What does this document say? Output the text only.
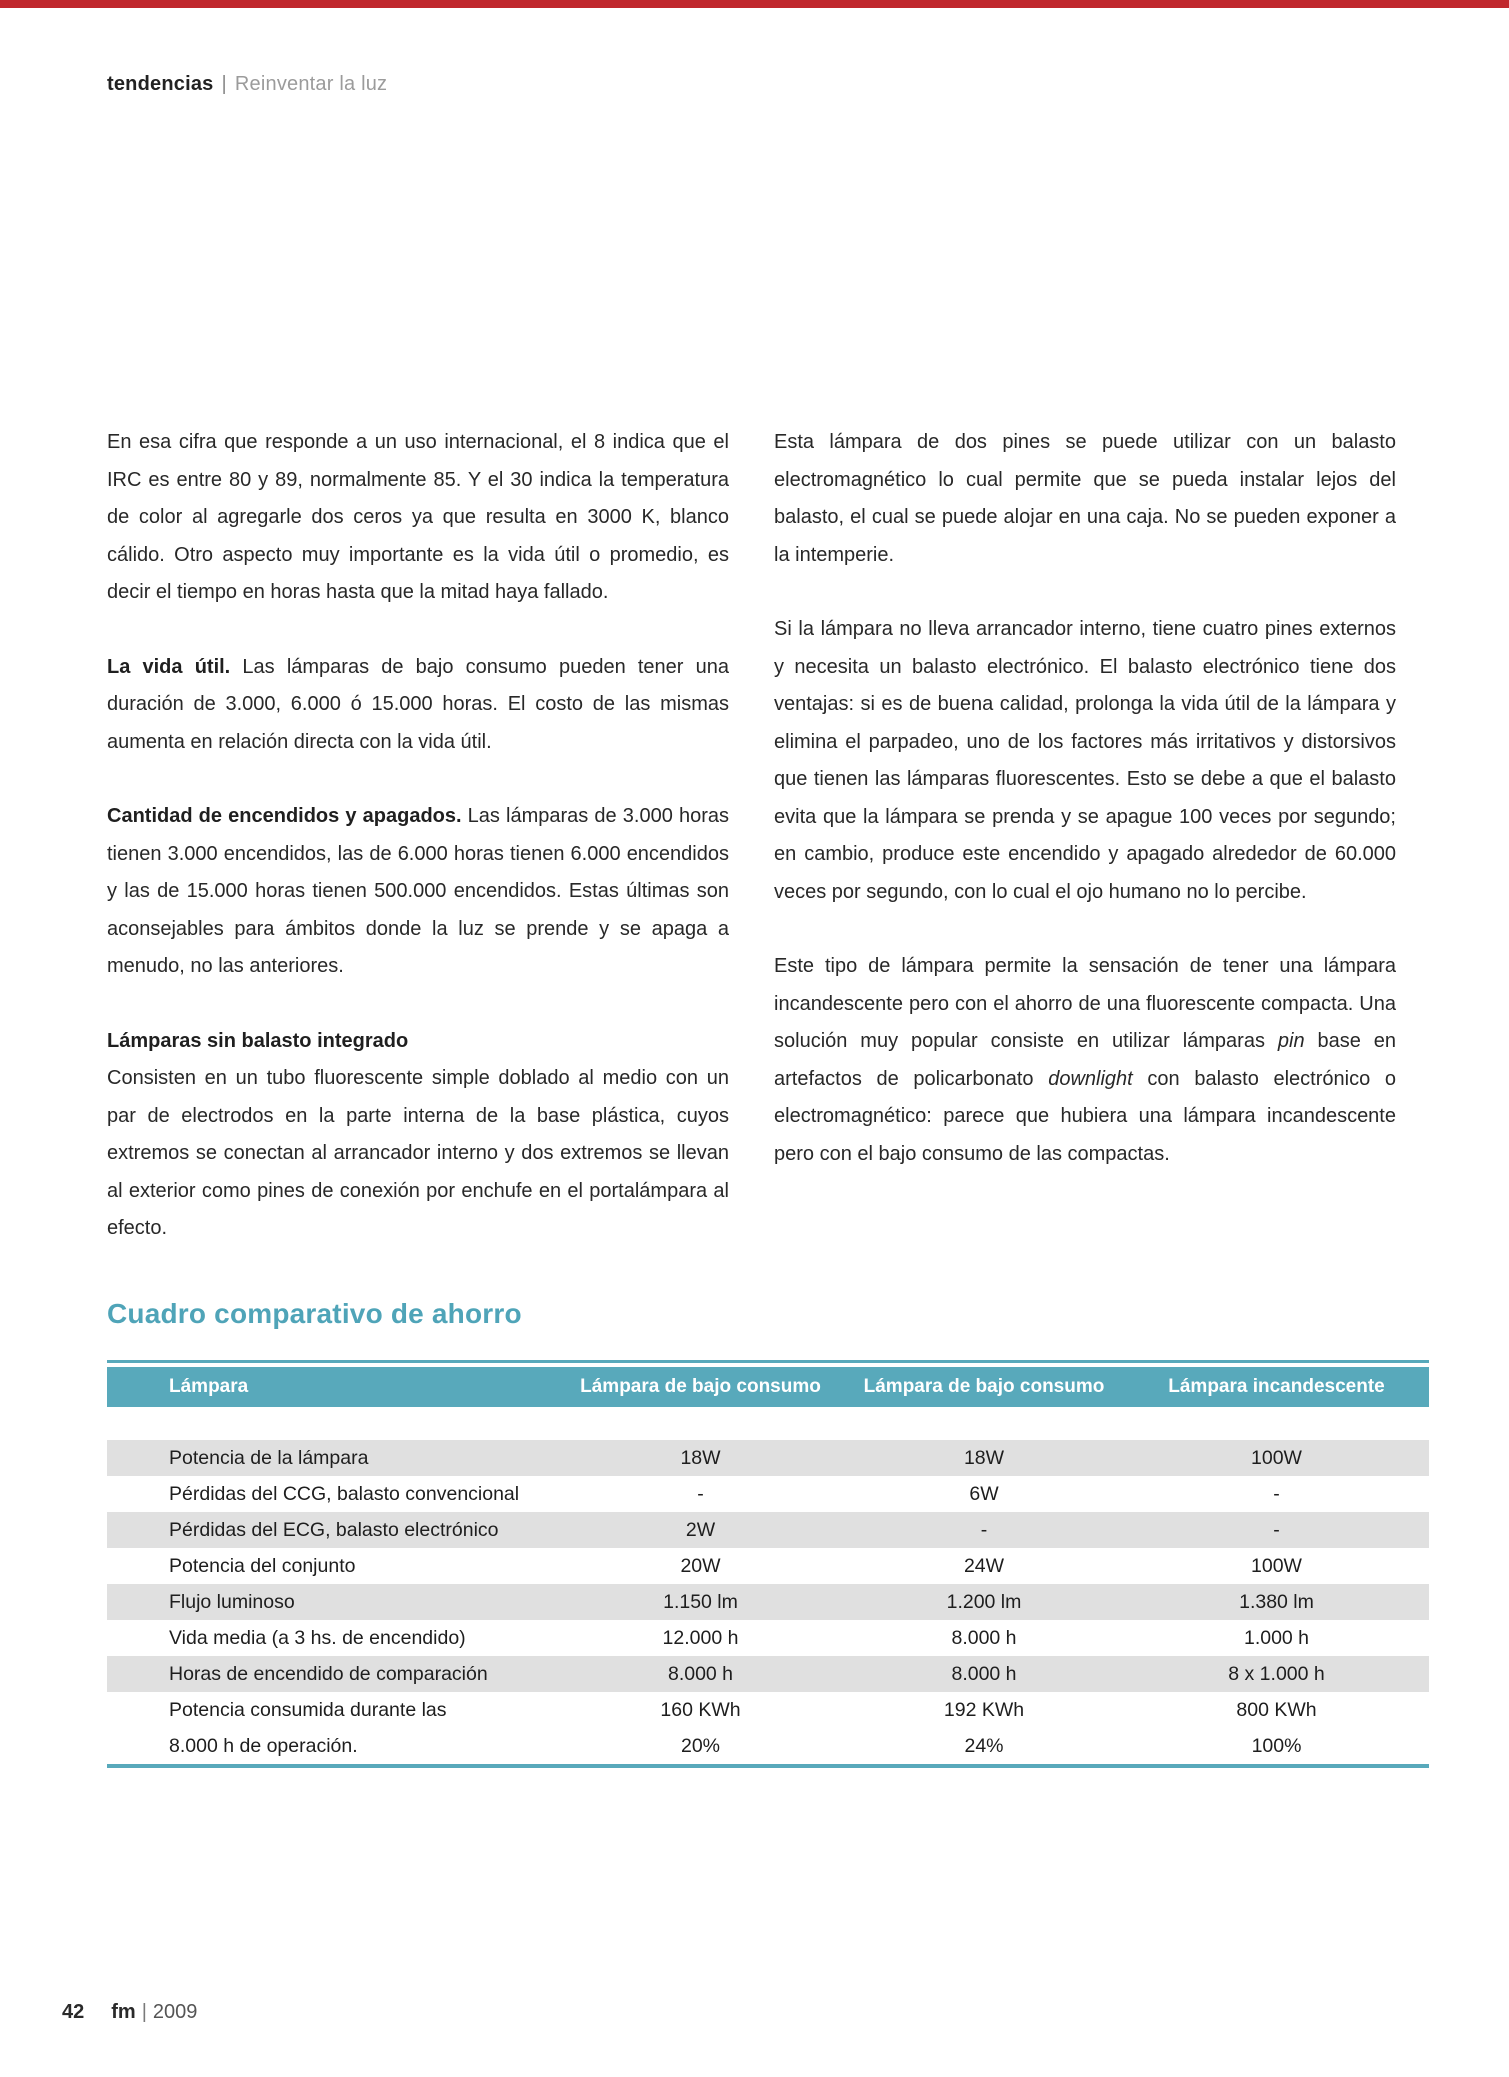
tendencias | Reinventar la luz

En esa cifra que responde a un uso internacional, el 8 indica que el IRC es entre 80 y 89, normalmente 85. Y el 30 indica la temperatura de color al agregarle dos ceros ya que resulta en 3000 K, blanco cálido. Otro aspecto muy importante es la vida útil o promedio, es decir el tiempo en horas hasta que la mitad haya fallado.

La vida útil. Las lámparas de bajo consumo pueden tener una duración de 3.000, 6.000 ó 15.000 horas. El costo de las mismas aumenta en relación directa con la vida útil.

Cantidad de encendidos y apagados. Las lámparas de 3.000 horas tienen 3.000 encendidos, las de 6.000 horas tienen 6.000 encendidos y las de 15.000 horas tienen 500.000 encendidos. Estas últimas son aconsejables para ámbitos donde la luz se prende y se apaga a menudo, no las anteriores.

Lámparas sin balasto integrado

Consisten en un tubo fluorescente simple doblado al medio con un par de electrodos en la parte interna de la base plástica, cuyos extremos se conectan al arrancador interno y dos extremos se llevan al exterior como pines de conexión por enchufe en el portalámpara al efecto.

Esta lámpara de dos pines se puede utilizar con un balasto electromagnético lo cual permite que se pueda instalar lejos del balasto, el cual se puede alojar en una caja. No se pueden exponer a la intemperie.

Si la lámpara no lleva arrancador interno, tiene cuatro pines externos y necesita un balasto electrónico. El balasto electrónico tiene dos ventajas: si es de buena calidad, prolonga la vida útil de la lámpara y elimina el parpadeo, uno de los factores más irritativos y distorsivos que tienen las lámparas fluorescentes. Esto se debe a que el balasto evita que la lámpara se prenda y se apague 100 veces por segundo; en cambio, produce este encendido y apagado alrededor de 60.000 veces por segundo, con lo cual el ojo humano no lo percibe.

Este tipo de lámpara permite la sensación de tener una lámpara incandescente pero con el ahorro de una fluorescente compacta. Una solución muy popular consiste en utilizar lámparas pin base en artefactos de policarbonato downlight con balasto electrónico o electromagnético: parece que hubiera una lámpara incandescente pero con el bajo consumo de las compactas.

Cuadro comparativo de ahorro
Lámpara	Lámpara de bajo consumo	Lámpara de bajo consumo	Lámpara incandescente
Potencia de la lámpara	18W	18W	100W
Pérdidas del CCG, balasto convencional	-	6W	-
Pérdidas del ECG, balasto electrónico	2W	-	-
Potencia del conjunto	20W	24W	100W
Flujo luminoso	1.150 lm	1.200 lm	1.380 lm
Vida media (a 3 hs. de encendido)	12.000 h	8.000 h	1.000 h
Horas de encendido de comparación	8.000 h	8.000 h	8 x 1.000 h
Potencia consumida durante las	160 KWh	192 KWh	800 KWh
8.000 h de operación.	20%	24%	100%
42 fm | 2009
